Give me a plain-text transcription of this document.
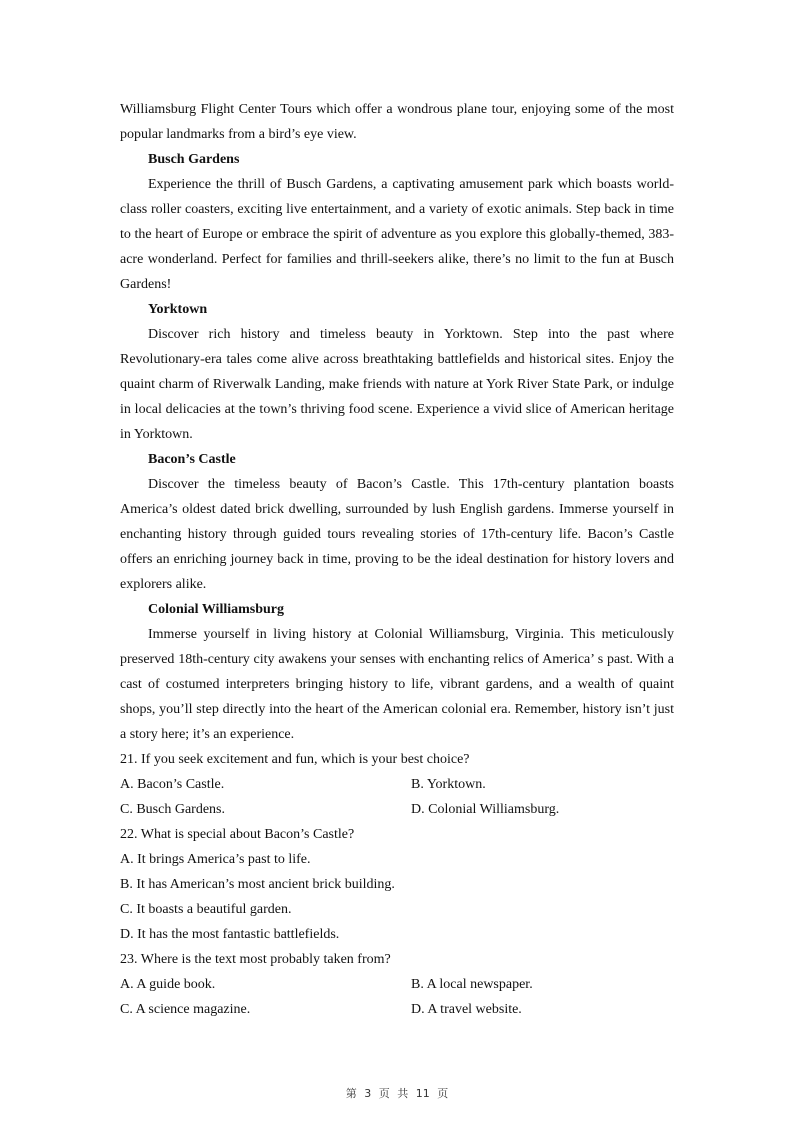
Williamsburg Flight Center Tours which offer a wondrous plane tour, enjoying some of the most popular landmarks from a bird’s eye view.

Busch Gardens

Experience the thrill of Busch Gardens, a captivating amusement park which boasts world-class roller coasters, exciting live entertainment, and a variety of exotic animals. Step back in time to the heart of Europe or embrace the spirit of adventure as you explore this globally-themed, 383-acre wonderland. Perfect for families and thrill-seekers alike, there’s no limit to the fun at Busch Gardens!

Yorktown

Discover rich history and timeless beauty in Yorktown. Step into the past where Revolutionary-era tales come alive across breathtaking battlefields and historical sites. Enjoy the quaint charm of Riverwalk Landing, make friends with nature at York River State Park, or indulge in local delicacies at the town’s thriving food scene. Experience a vivid slice of American heritage in Yorktown.

Bacon’s Castle

Discover the timeless beauty of Bacon’s Castle. This 17th-century plantation boasts America’s oldest dated brick dwelling, surrounded by lush English gardens. Immerse yourself in enchanting history through guided tours revealing stories of 17th-century life. Bacon’s Castle offers an enriching journey back in time, proving to be the ideal destination for history lovers and explorers alike.

Colonial Williamsburg

Immerse yourself in living history at Colonial Williamsburg, Virginia. This meticulously preserved 18th-century city awakens your senses with enchanting relics of America’ s past. With a cast of costumed interpreters bringing history to life, vibrant gardens, and a wealth of quaint shops, you’ll step directly into the heart of the American colonial era. Remember, history isn’t just a story here; it’s an experience.

21. If you seek excitement and fun, which is your best choice?

A. Bacon’s Castle.	B. Yorktown.
C. Busch Gardens.	D. Colonial Williamsburg.

22. What is special about Bacon’s Castle?

A. It brings America’s past to life.

B. It has American’s most ancient brick building.

C. It boasts a beautiful garden.

D. It has the most fantastic battlefields.

23. Where is the text most probably taken from?

A. A guide book.	B. A local newspaper.
C. A science magazine.	D. A travel website.
第 3 页 共 11 页
